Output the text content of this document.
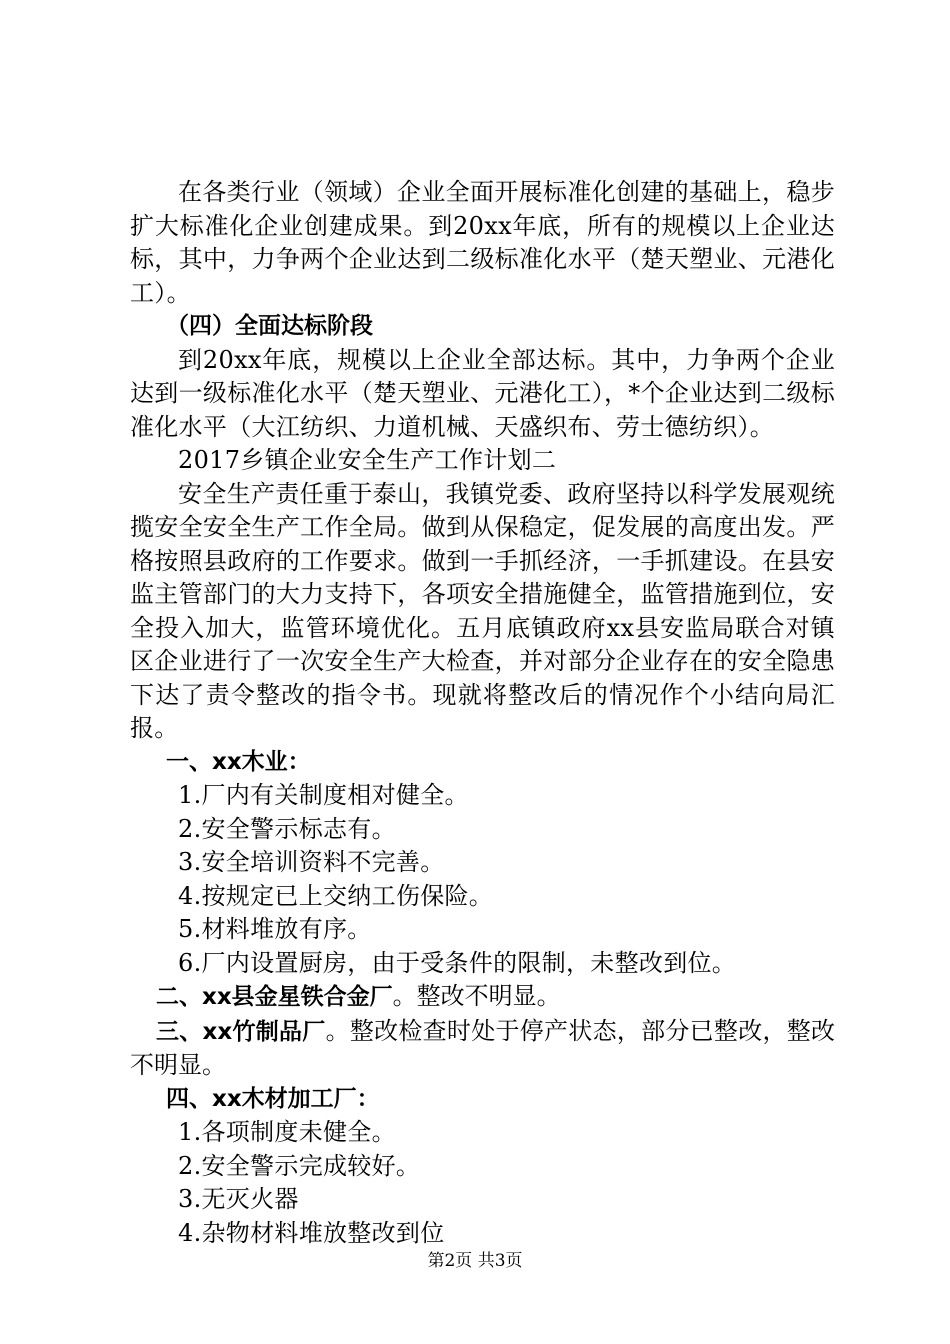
在各类行业（领域）企业全面开展标准化创建的基础上，稳步扩大标准化企业创建成果。到20xx年底，所有的规模以上企业达标，其中，力争两个企业达到二级标准化水平（楚天塑业、元港化工）。

（四）全面达标阶段

到20xx年底，规模以上企业全部达标。其中，力争两个企业达到一级标准化水平（楚天塑业、元港化工），*个企业达到二级标准化水平（大江纺织、力道机械、天盛织布、劳士德纺织）。

2017乡镇企业安全生产工作计划二

安全生产责任重于泰山，我镇党委、政府坚持以科学发展观统揽安全安全生产工作全局。做到从保稳定，促发展的高度出发。严格按照县政府的工作要求。做到一手抓经济，一手抓建设。在县安监主管部门的大力支持下，各项安全措施健全，监管措施到位，安全投入加大，监管环境优化。五月底镇政府xx县安监局联合对镇区企业进行了一次安全生产大检查，并对部分企业存在的安全隐患下达了责令整改的指令书。现就将整改后的情况作个小结向局汇报。

一、xx木业：

1.厂内有关制度相对健全。

2.安全警示标志有。

3.安全培训资料不完善。

4.按规定已上交纳工伤保险。

5.材料堆放有序。

6.厂内设置厨房，由于受条件的限制，未整改到位。

二、xx县金星铁合金厂。整改不明显。

三、xx竹制品厂。整改检查时处于停产状态，部分已整改，整改不明显。

四、xx木材加工厂：

1.各项制度未健全。

2.安全警示完成较好。

3.无灭火器

4.杂物材料堆放整改到位

第2页 共3页
